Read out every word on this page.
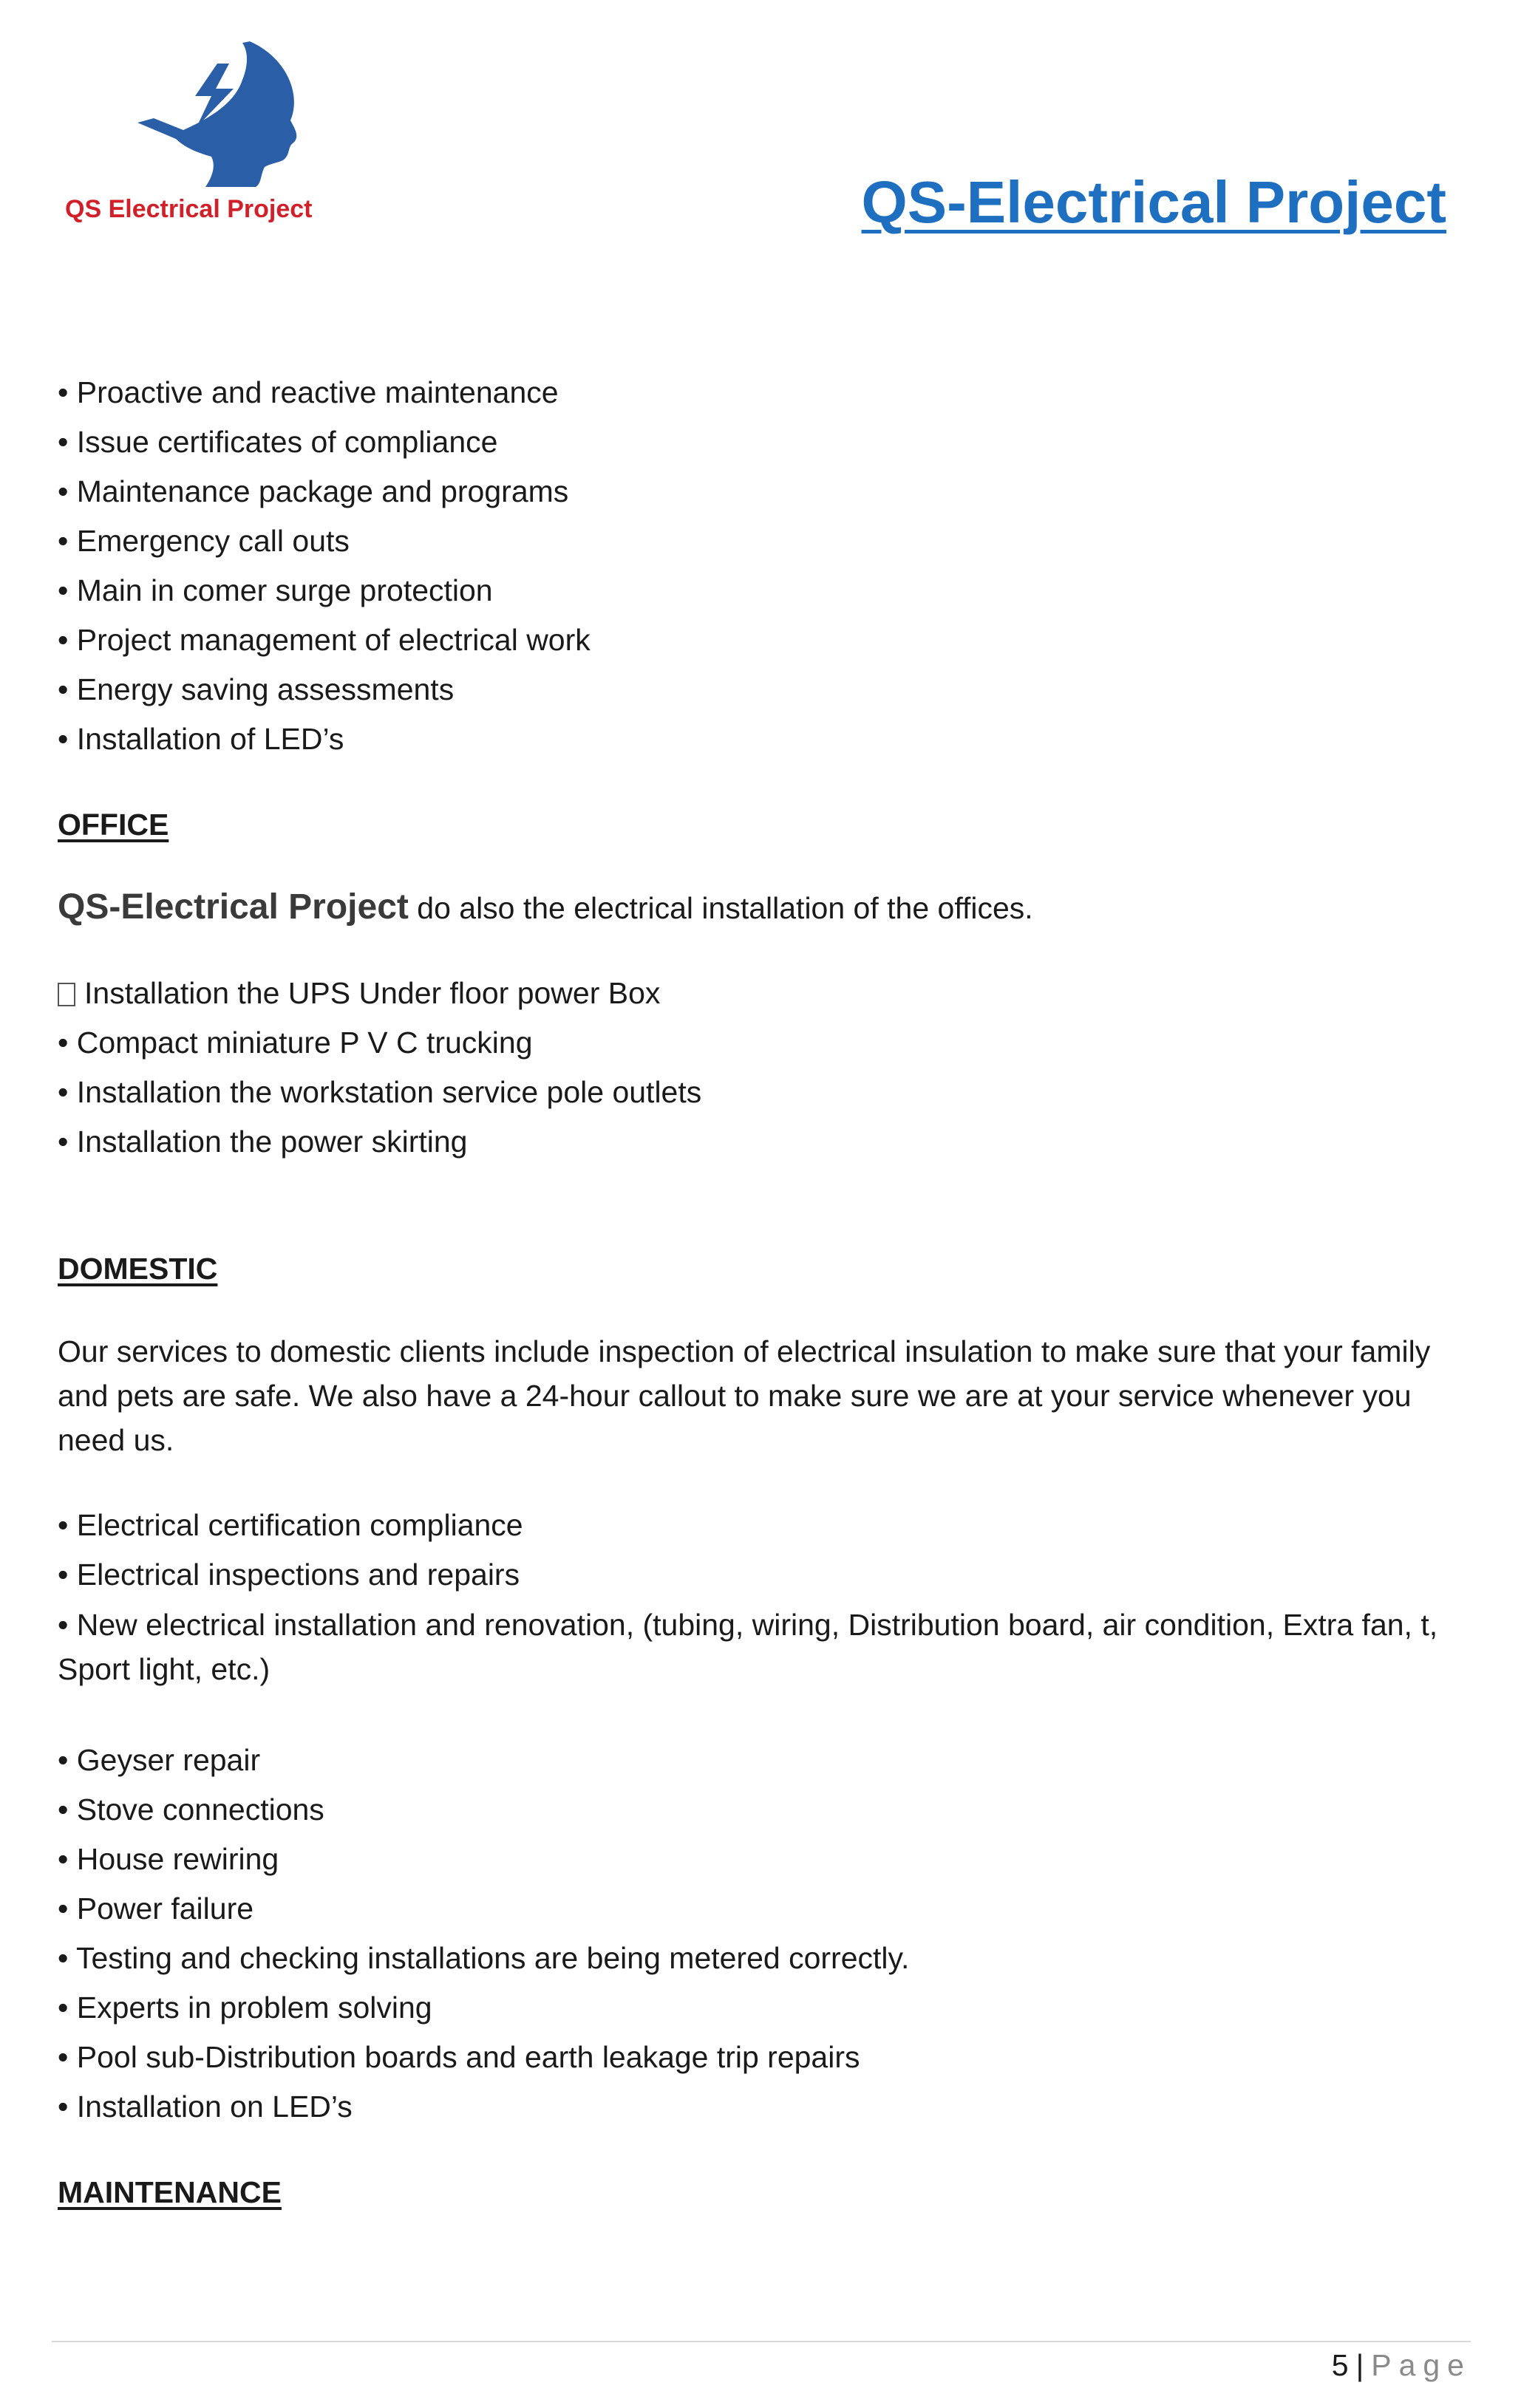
QS Electrical Project	QS-Electrical Project

• Proactive and reactive maintenance

• Issue certificates of compliance

• Maintenance package and programs

• Emergency call outs

• Main in comer surge protection

• Project management of electrical work

• Energy saving assessments

• Installation of LED’s

OFFICE

QS-Electrical Project do also the electrical installation of the offices.

Installation the UPS Under floor power Box

• Compact miniature P V C trucking

• Installation the workstation service pole outlets

• Installation the power skirting

DOMESTIC

Our services to domestic clients include inspection of electrical insulation to make sure that your family and pets are safe. We also have a 24-hour callout to make sure we are at your service whenever you need us.

• Electrical certification compliance

• Electrical inspections and repairs

• New electrical installation and renovation, (tubing, wiring, Distribution board, air condition, Extra fan, t, Sport light, etc.)

• Geyser repair

• Stove connections

• House rewiring

• Power failure

• Testing and checking installations are being metered correctly.

• Experts in problem solving

• Pool sub-Distribution boards and earth leakage trip repairs

• Installation on LED’s

MAINTENANCE

5 | Page
